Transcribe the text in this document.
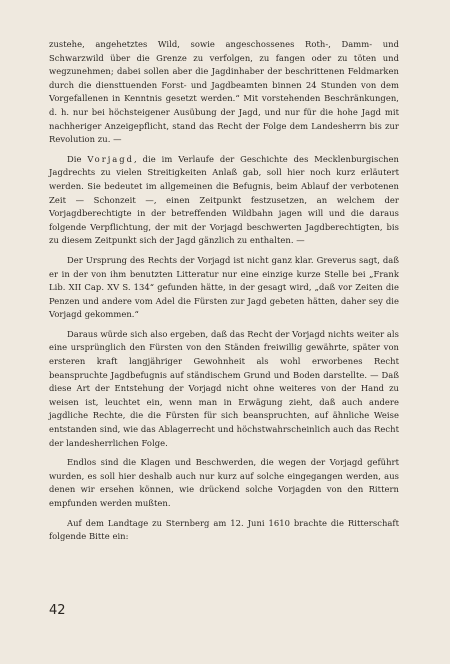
zustehe, angehetztes Wild, sowie angeschossenes Roth-, Damm- und Schwarzwild über die Grenze zu verfolgen, zu fangen oder zu töten und wegzunehmen; dabei sollen aber die Jagdinhaber der beschrittenen Feldmarken durch die diensttuenden Forst- und Jagdbeamten binnen 24 Stunden von dem Vorgefallenen in Kenntnis gesetzt werden.“ Mit vorstehenden Beschränkungen, d. h. nur bei höchsteigener Ausübung der Jagd, und nur für die hohe Jagd mit nachheriger Anzeigepflicht, stand das Recht der Folge dem Landesherrn bis zur Revolution zu. —

Die Vorjagd, die im Verlaufe der Geschichte des Mecklenburgischen Jagdrechts zu vielen Streitigkeiten Anlaß gab, soll hier noch kurz erläutert werden. Sie bedeutet im allgemeinen die Befugnis, beim Ablauf der verbotenen Zeit — Schonzeit —, einen Zeitpunkt festzusetzen, an welchem der Vorjagdberechtigte in der betreffenden Wildbahn jagen will und die daraus folgende Verpflichtung, der mit der Vorjagd beschwerten Jagdberechtigten, bis zu diesem Zeitpunkt sich der Jagd gänzlich zu enthalten. —

Der Ursprung des Rechts der Vorjagd ist nicht ganz klar. Greverus sagt, daß er in der von ihm benutzten Litteratur nur eine einzige kurze Stelle bei „Frank Lib. XII Cap. XV S. 134“ gefunden hätte, in der gesagt wird, „daß vor Zeiten die Penzen und andere vom Adel die Fürsten zur Jagd gebeten hätten, daher sey die Vorjagd gekommen.“

Daraus würde sich also ergeben, daß das Recht der Vorjagd nichts weiter als eine ursprünglich den Fürsten von den Ständen freiwillig gewährte, später von ersteren kraft langjähriger Gewohnheit als wohl erworbenes Recht beanspruchte Jagdbefugnis auf ständischem Grund und Boden darstellte. — Daß diese Art der Entstehung der Vorjagd nicht ohne weiteres von der Hand zu weisen ist, leuchtet ein, wenn man in Erwägung zieht, daß auch andere jagdliche Rechte, die die Fürsten für sich beanspruchten, auf ähnliche Weise entstanden sind, wie das Ablagerrecht und höchstwahrscheinlich auch das Recht der landesherrlichen Folge.

Endlos sind die Klagen und Beschwerden, die wegen der Vorjagd geführt wurden, es soll hier deshalb auch nur kurz auf solche eingegangen werden, aus denen wir ersehen können, wie drückend solche Vorjagden von den Rittern empfunden werden mußten.

Auf dem Landtage zu Sternberg am 12. Juni 1610 brachte die Ritterschaft folgende Bitte ein:

42
